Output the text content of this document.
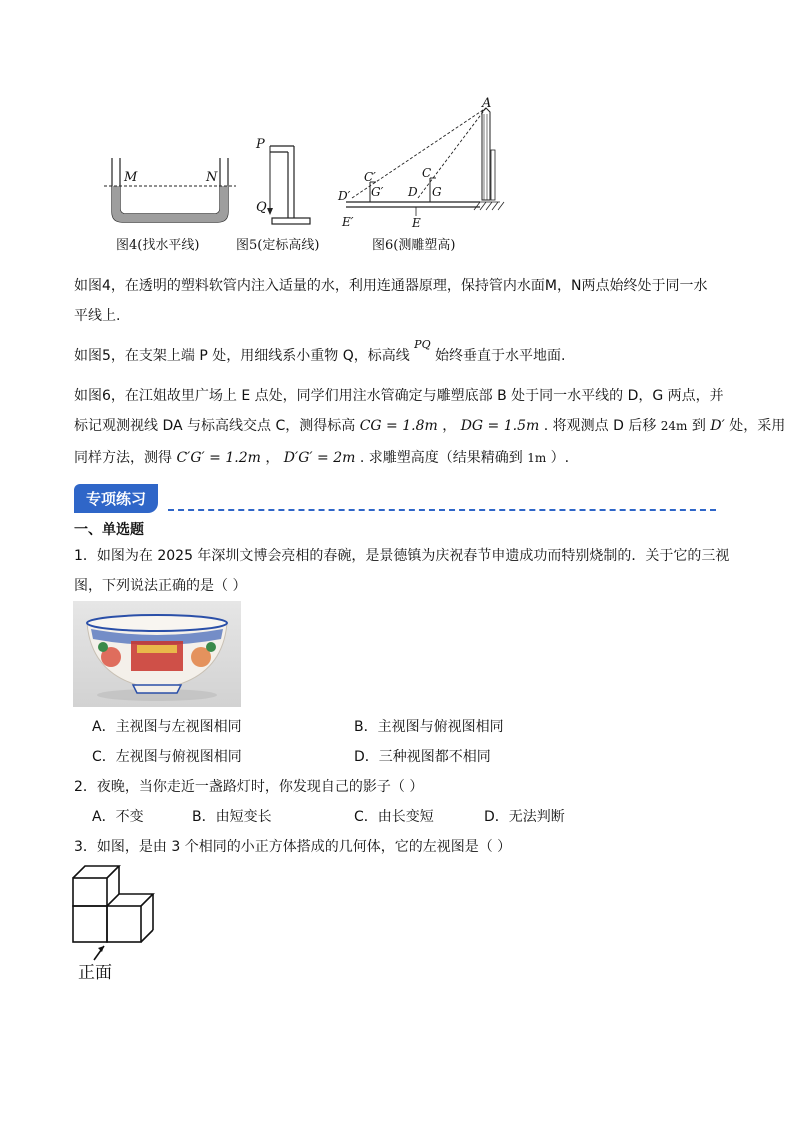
M	N
图4(找水平线)
P
Q
图5(定标高线)
A
C′
G′
D′
E′
C
D G
E
图6(测雕塑高)
如图4，在透明的塑料软管内注入适量的水，利用连通器原理，保持管内水面M，N两点始终处于同一水
平线上.
如图5，在支架上端 P 处，用细线系小重物 Q，标高线 $^{PQ}$ 始终垂直于水平地面.
如图6，在江姐故里广场上 E 点处，同学们用注水管确定与雕塑底部 B 处于同一水平线的 D，G 两点，并
标记观测视线 DA 与标高线交点 C，测得标高 CG = 1.8m ， DG = 1.5m . 将观测点 D 后移 24m 到 D′ 处，采用
同样方法，测得 C′G′ = 1.2m ， D′G′ = 2m . 求雕塑高度（结果精确到 1m ）.
专项练习
一、单选题
1．如图为在 2025 年深圳文博会亮相的春碗，是景德镇为庆祝春节申遗成功而特别烧制的．关于它的三视
图，下列说法正确的是（ ）
A．主视图与左视图相同	B．主视图与俯视图相同
C．左视图与俯视图相同	D．三种视图都不相同
2．夜晚，当你走近一盏路灯时，你发现自己的影子（ ）
A．不变	B．由短变长	C．由长变短	D．无法判断
3．如图，是由 3 个相同的小正方体搭成的几何体，它的左视图是（ ）
正面
